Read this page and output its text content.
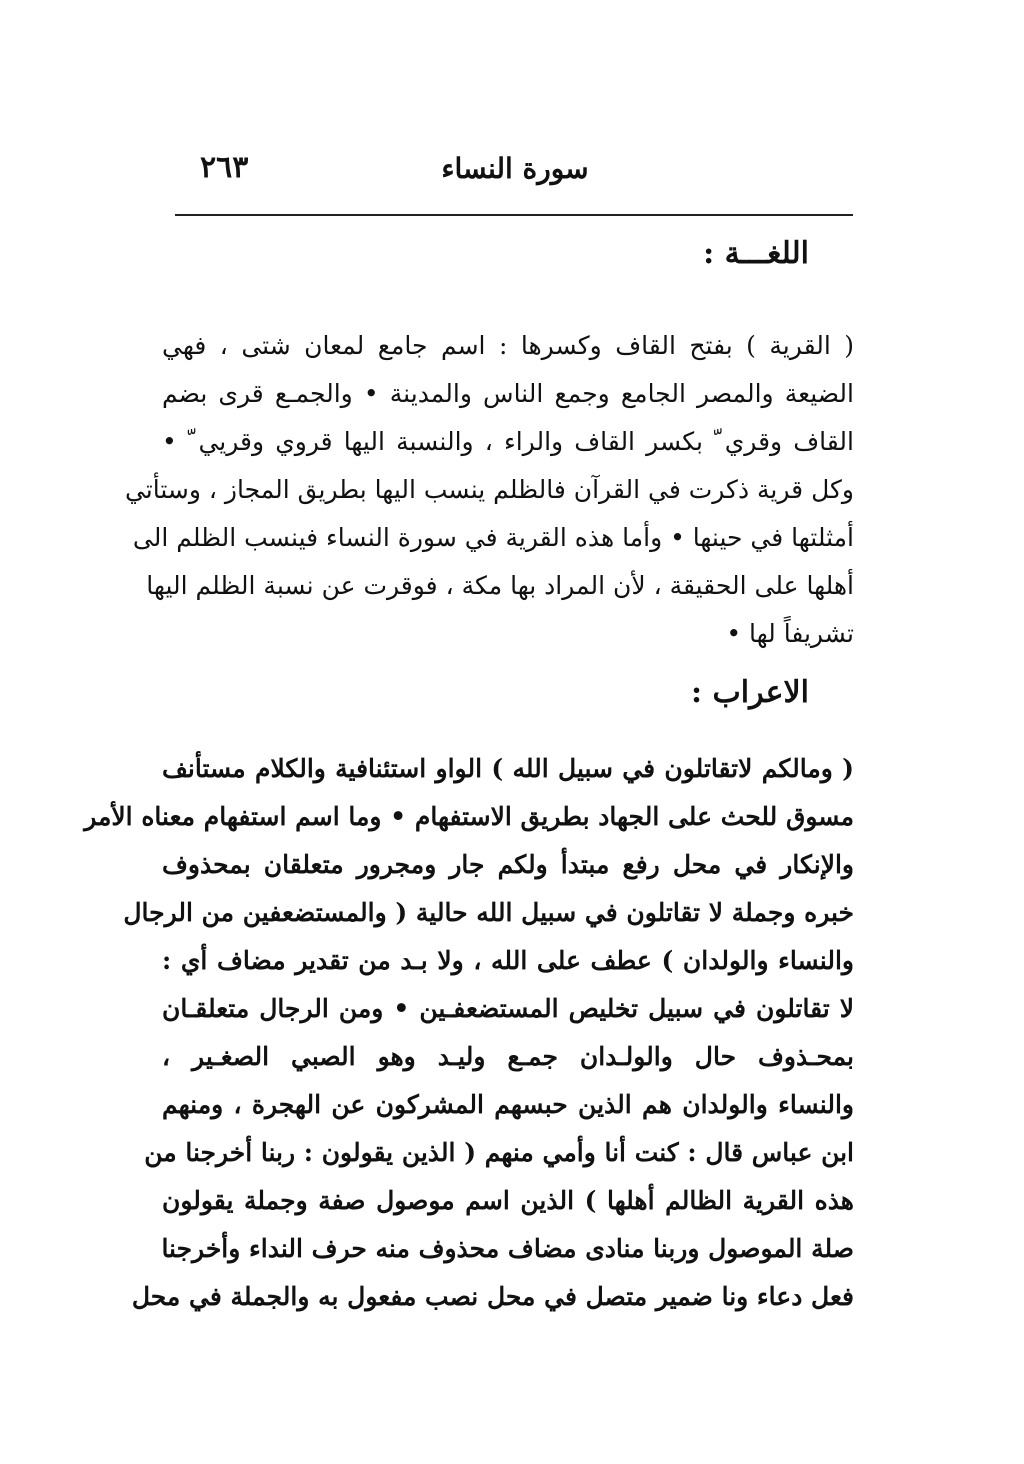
٢٦٣	سورة النساء
اللغـــة :
( القرية ) بفتح القاف وكسرها : اسم جامع لمعان شتى ، فهي
الضيعة والمصر الجامع وجمع الناس والمدينة • والجمـع قرى بضم
القاف وقري ّ بكسر القاف والراء ، والنسبة اليها قروي وقريي ّ •
وكل قرية ذكرت في القرآن فالظلم ينسب اليها بطريق المجاز ، وستأتي
أمثلتها في حينها • وأما هذه القرية في سورة النساء فينسب الظلم الى
أهلها على الحقيقة ، لأن المراد بها مكة ، فوقرت عن نسبة الظلم اليها
تشريفاً لها •
الاعراب :
( ومالكم لاتقاتلون في سبيل الله ) الواو استئنافية والكلام مستأنف
مسوق للحث على الجهاد بطريق الاستفهام • وما اسم استفهام معناه الأمر
والإنكار في محل رفع مبتدأ ولكم جار ومجرور متعلقان بمحذوف
خبره وجملة لا تقاتلون في سبيل الله حالية ( والمستضعفين من الرجال
والنساء والولدان ) عطف على الله ، ولا بـد من تقدير مضاف أي :
لا تقاتلون في سبيل تخليص المستضعفـين • ومن الرجال متعلقـان
بمحـذوف حال والولـدان جمـع وليـد وهو الصبي الصغـير ،
والنساء والولدان هم الذين حبسهم المشركون عن الهجرة ، ومنهم
ابن عباس قال : كنت أنا وأمي منهم ( الذين يقولون : ربنا أخرجنا من
هذه القرية الظالم أهلها ) الذين اسم موصول صفة وجملة يقولون
صلة الموصول وربنا منادى مضاف محذوف منه حرف النداء وأخرجنا
فعل دعاء ونا ضمير متصل في محل نصب مفعول به والجملة في محل
